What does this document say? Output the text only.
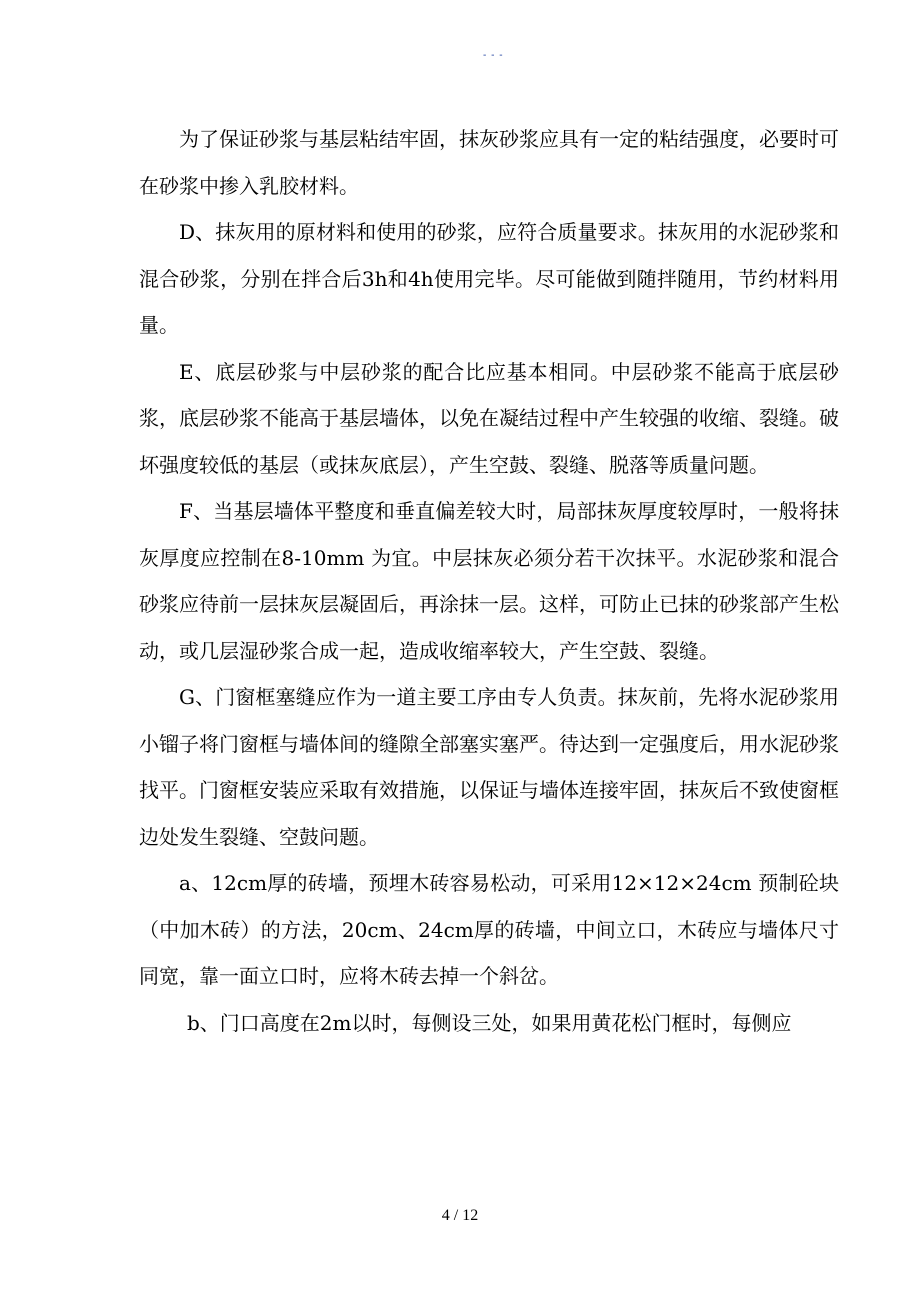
- - -

为了保证砂浆与基层粘结牢固，抹灰砂浆应具有一定的粘结强度，必要时可在砂浆中掺入乳胶材料。

D、抹灰用的原材料和使用的砂浆，应符合质量要求。抹灰用的水泥砂浆和混合砂浆，分别在拌合后3h和4h使用完毕。尽可能做到随拌随用，节约材料用量。

E、底层砂浆与中层砂浆的配合比应基本相同。中层砂浆不能高于底层砂浆，底层砂浆不能高于基层墙体，以免在凝结过程中产生较强的收缩、裂缝。破坏强度较低的基层（或抹灰底层），产生空鼓、裂缝、脱落等质量问题。

F、当基层墙体平整度和垂直偏差较大时，局部抹灰厚度较厚时，一般将抹灰厚度应控制在8-10mm 为宜。中层抹灰必须分若干次抹平。水泥砂浆和混合砂浆应待前一层抹灰层凝固后，再涂抹一层。这样，可防止已抹的砂浆部产生松动，或几层湿砂浆合成一起，造成收缩率较大，产生空鼓、裂缝。

G、门窗框塞缝应作为一道主要工序由专人负责。抹灰前，先将水泥砂浆用小镏子将门窗框与墙体间的缝隙全部塞实塞严。待达到一定强度后，用水泥砂浆找平。门窗框安装应采取有效措施，以保证与墙体连接牢固，抹灰后不致使窗框边处发生裂缝、空鼓问题。

a、12cm厚的砖墙，预埋木砖容易松动，可采用12×12×24cm 预制砼块（中加木砖）的方法，20cm、24cm厚的砖墙，中间立口，木砖应与墙体尺寸同宽，靠一面立口时，应将木砖去掉一个斜岔。

b、门口高度在2m以时，每侧设三处，如果用黄花松门框时，每侧应

4 / 12
